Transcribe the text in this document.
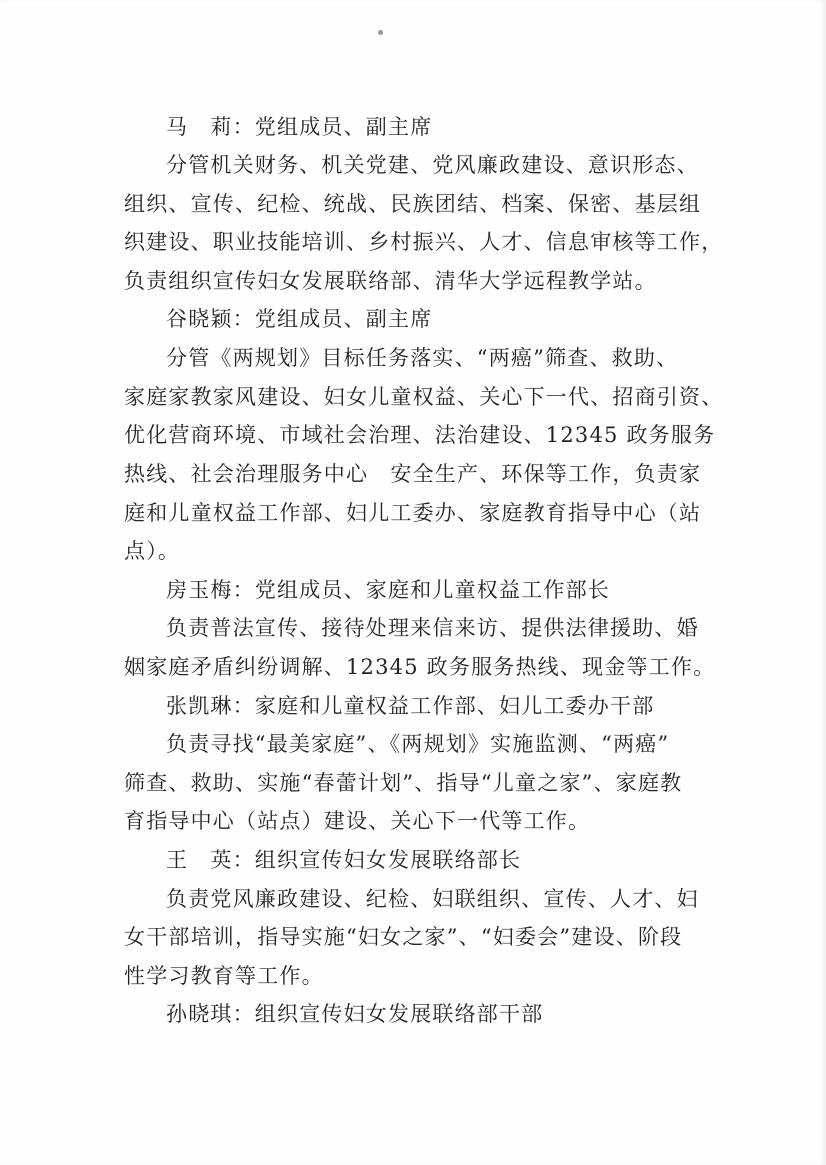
马　莉：党组成员、副主席
分管机关财务、机关党建、党风廉政建设、意识形态、
组织、宣传、纪检、统战、民族团结、档案、保密、基层组
织建设、职业技能培训、乡村振兴、人才、信息审核等工作，
负责组织宣传妇女发展联络部、清华大学远程教学站。
谷晓颖：党组成员、副主席
分管《两规划》目标任务落实、“两癌”筛查、救助、
家庭家教家风建设、妇女儿童权益、关心下一代、招商引资、
优化营商环境、市域社会治理、法治建设、12345 政务服务
热线、社会治理服务中心　安全生产、环保等工作，负责家
庭和儿童权益工作部、妇儿工委办、家庭教育指导中心（站
点）。
房玉梅：党组成员、家庭和儿童权益工作部长
负责普法宣传、接待处理来信来访、提供法律援助、婚
姻家庭矛盾纠纷调解、12345 政务服务热线、现金等工作。
张凯琳：家庭和儿童权益工作部、妇儿工委办干部
负责寻找“最美家庭”、《两规划》实施监测、“两癌”
筛查、救助、实施“春蕾计划”、指导“儿童之家”、家庭教
育指导中心（站点）建设、关心下一代等工作。
王　英：组织宣传妇女发展联络部长
负责党风廉政建设、纪检、妇联组织、宣传、人才、妇
女干部培训，指导实施“妇女之家”、“妇委会”建设、阶段
性学习教育等工作。
孙晓琪：组织宣传妇女发展联络部干部
